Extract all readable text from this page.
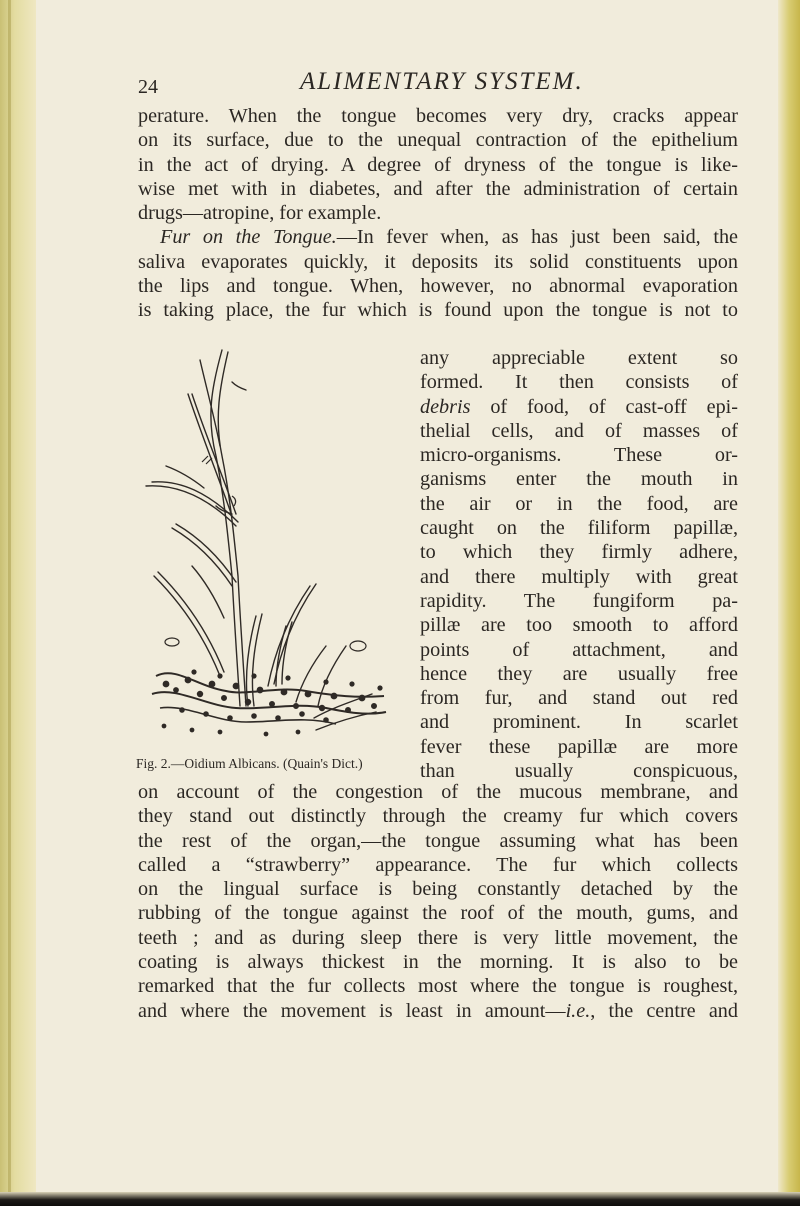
24	ALIMENTARY SYSTEM.
perature. When the tongue becomes very dry, cracks appear
on its surface, due to the unequal contraction of the epithelium
in the act of drying. A degree of dryness of the tongue is like-
wise met with in diabetes, and after the administration of certain
drugs—atropine, for example.
Fur on the Tongue.—In fever when, as has just been said, the
saliva evaporates quickly, it deposits its solid constituents upon
the lips and tongue. When, however, no abnormal evaporation
is taking place, the fur which is found upon the tongue is not to
Fig. 2.—Oidium Albicans. (Quain's Dict.)
any appreciable extent so
formed. It then consists of
debris of food, of cast-off epi-
thelial cells, and of masses of
micro-organisms. These or-
ganisms enter the mouth in
the air or in the food, are
caught on the filiform papillæ,
to which they firmly adhere,
and there multiply with great
rapidity. The fungiform pa-
pillæ are too smooth to afford
points of attachment, and
hence they are usually free
from fur, and stand out red
and prominent. In scarlet
fever these papillæ are more
than usually conspicuous,
on account of the congestion of the mucous membrane, and
they stand out distinctly through the creamy fur which covers
the rest of the organ,—the tongue assuming what has been
called a “strawberry” appearance. The fur which collects
on the lingual surface is being constantly detached by the
rubbing of the tongue against the roof of the mouth, gums, and
teeth ; and as during sleep there is very little movement, the
coating is always thickest in the morning. It is also to be
remarked that the fur collects most where the tongue is roughest,
and where the movement is least in amount—i.e., the centre and
